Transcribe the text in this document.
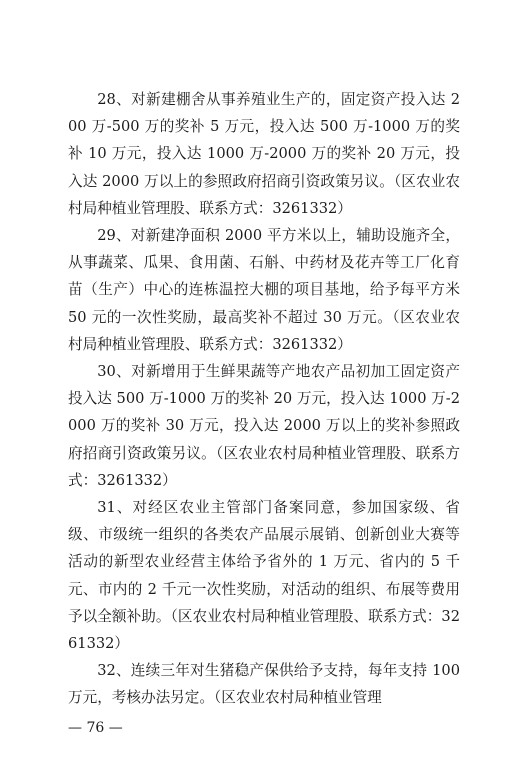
28、对新建棚舍从事养殖业生产的，固定资产投入达 200 万-500 万的奖补 5 万元，投入达 500 万-1000 万的奖补 10 万元，投入达 1000 万-2000 万的奖补 20 万元，投入达 2000 万以上的参照政府招商引资政策另议。（区农业农村局种植业管理股、联系方式：3261332）

29、对新建净面积 2000 平方米以上，辅助设施齐全，从事蔬菜、瓜果、食用菌、石斛、中药材及花卉等工厂化育苗（生产）中心的连栋温控大棚的项目基地，给予每平方米 50 元的一次性奖励，最高奖补不超过 30 万元。（区农业农村局种植业管理股、联系方式：3261332）

30、对新增用于生鲜果蔬等产地农产品初加工固定资产投入达 500 万-1000 万的奖补 20 万元，投入达 1000 万-2000 万的奖补 30 万元，投入达 2000 万以上的奖补参照政府招商引资政策另议。（区农业农村局种植业管理股、联系方式：3261332）

31、对经区农业主管部门备案同意，参加国家级、省级、市级统一组织的各类农产品展示展销、创新创业大赛等活动的新型农业经营主体给予省外的 1 万元、省内的 5 千元、市内的 2 千元一次性奖励，对活动的组织、布展等费用予以全额补助。（区农业农村局种植业管理股、联系方式：3261332）

32、连续三年对生猪稳产保供给予支持，每年支持 100 万元，考核办法另定。（区农业农村局种植业管理

— 76 —
